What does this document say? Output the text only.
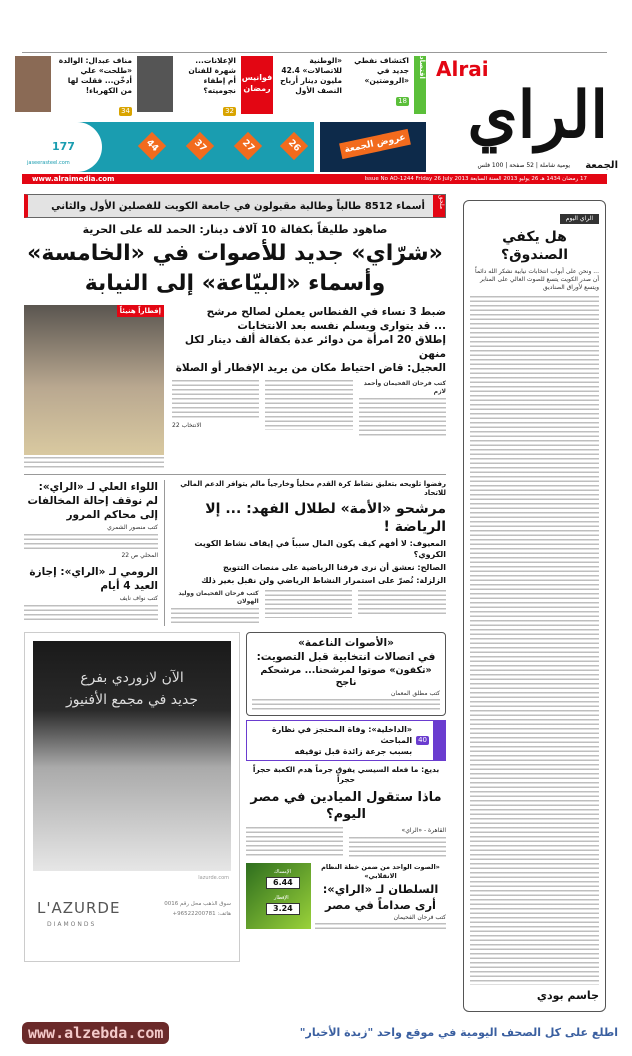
Alrai
الراي
يومية شاملة | 52 صفحة | 100 فلس الجمعة
اقتصاد
اكتشاف نفطي جديد في «الروضتين»
18
«الوطنية للاتصالات» 42.4 مليون دينار أرباح النصف الأول
فوانيس رمضان
الإعلانات... شهرة للفنان أم إطفاء نجوميته؟
32
مناف عبدال: الوالدة «طلحت» علي أدخّن... فقلت لها من الكهرباء!
34
177
jaseerasteel.com
44	37	27	26	عروض الجمعة
www.alraimedia.com	17 رمضان 1434 هـ 26 يوليو 2013 السنة السابعة Issue No AO-1244 Friday 26 July 2013
ملحق
أسماء 8512 طالباً وطالبة مقبولون في جامعة الكويت للفصلين الأول والثاني
صاهود طليقاً بكفالة 10 آلاف دينار: الحمد لله على الحرية
«شرّاي» جديد للأصوات في «الخامسة»
وأسماء «البيّاعة» إلى النيابة
ضبط 3 نساء في الفنطاس يعملن لصالح مرشح
... قد يتوارى ويسلم نفسه بعد الانتخابات
إطلاق 20 امرأة من دوائر عدة بكفالة ألف دينار لكل منهن
العجيل: قاض احتياط مكان من يريد الإفطار أو الصلاة
كتب فرحان الفحيمان وأحمد لازم
الانتخاب 22
إفطاراً هنيئاً
رفضوا تلويحه بتعليق نشاط كرة القدم محلياً وخارجياً مالم يتوافر الدعم المالي للاتحاد
مرشحو «الأمة» لطلال الفهد: ... إلا الرياضة !
المعيوف: لا أفهم كيف يكون المال سبباً في إيقاف نشاط الكويت الكروي؟
الصالح: نعشق أن نرى فرقنا الرياضية على منصات التتويج
الزلزلة: نُصرّ على استمرار النشاط الرياضي ولن نقبل بغير ذلك
كتب فرحان الفحيمان ووليد الهولان
اللواء العلي لـ «الراي»: لم نوقف إحالة المخالفات إلى محاكم المرور
كتب منصور الشمري
المحلي ص 22
الرومي لـ «الراي»: إجازة العيد 4 أيام
كتب نواف نايف
«الأصوات الناعمة»
في اتصالات انتخابية قبل التصويت:
«تكفون» صوتوا لمرشحنا... مرشحكم ناجح
كتب مطلق المعمان
40
«الداخلية»: وفاة المحتجز في نظارة المباحث
بسبب جرعة زائدة قبل توقيفه
بديع: ما فعله السيسي يفوق جرماً هدم الكعبة حجراً حجراً
ماذا ستقول الميادين في مصر اليوم؟
القاهرة - «الراي»
«الصوت الواحد من ضمن خطة النظام الانقلابي»
السلطان لـ «الراي»:
أرى صداماً في مصر
كتب فرحان الفحيمان
الإمساك
6.44
الإفطار
3.24
الآن لازوردي بفرع
جديد في مجمع الأفنيوز
lazurde.com
L'AZURDE
DIAMONDS
سوق الذهب محل رقم 0016
هاتف: 96522200781+
الراي اليوم
هل يكفي الصندوق؟
... ونحن على أبواب انتخابات نيابية نشكر الله دائماً أن صدر الكويت يتسع للصوت العالي على المنابر ويتسع لأوراق الصناديق
جاسم بودي
www.alzebda.com	اطلع على كل الصحف اليومية في موقع واحد "زبدة الأخبار"
